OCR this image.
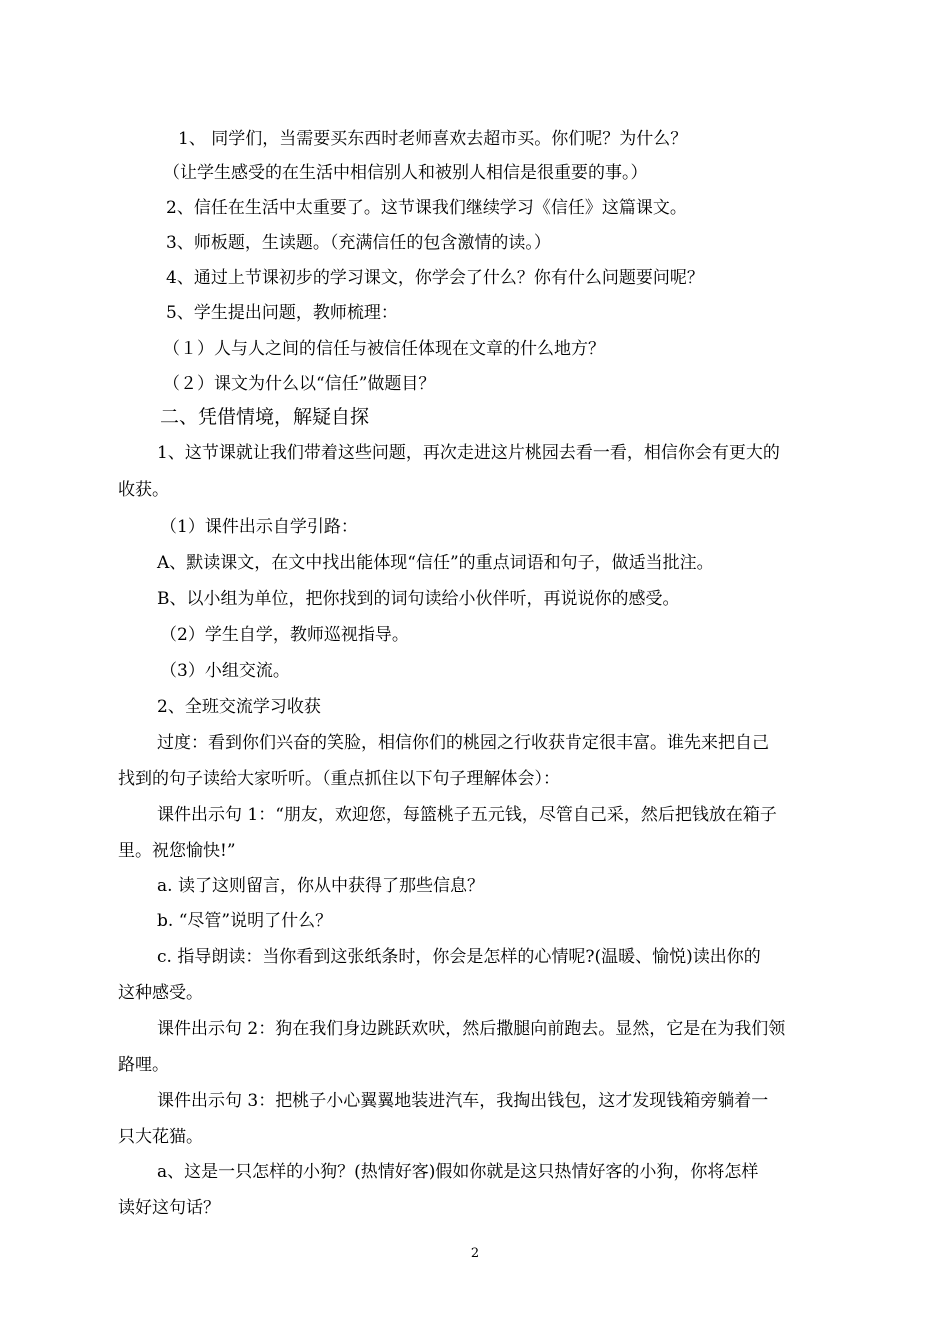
1、 同学们，当需要买东西时老师喜欢去超市买。你们呢？为什么？
（让学生感受的在生活中相信别人和被别人相信是很重要的事。）
2、信任在生活中太重要了。这节课我们继续学习《信任》这篇课文。
3、师板题，生读题。（充满信任的包含激情的读。）
4、通过上节课初步的学习课文，你学会了什么？你有什么问题要问呢？
5、学生提出问题，教师梳理：
（１）人与人之间的信任与被信任体现在文章的什么地方？
（２）课文为什么以“信任”做题目？
二、凭借情境，解疑自探
1、这节课就让我们带着这些问题，再次走进这片桃园去看一看，相信你会有更大的
收获。
（1）课件出示自学引路：
A、默读课文，在文中找出能体现“信任”的重点词语和句子，做适当批注。
B、以小组为单位，把你找到的词句读给小伙伴听，再说说你的感受。
（2）学生自学，教师巡视指导。
（3）小组交流。
2、全班交流学习收获
过度：看到你们兴奋的笑脸，相信你们的桃园之行收获肯定很丰富。谁先来把自己
找到的句子读给大家听听。（重点抓住以下句子理解体会）：
课件出示句 1：“朋友，欢迎您，每篮桃子五元钱，尽管自己采，然后把钱放在箱子
里。祝您愉快!”
a. 读了这则留言，你从中获得了那些信息？
b. “尽管”说明了什么？
c. 指导朗读：当你看到这张纸条时，你会是怎样的心情呢?(温暖、愉悦)读出你的
这种感受。
课件出示句 2：狗在我们身边跳跃欢吠，然后撒腿向前跑去。显然，它是在为我们领
路哩。
课件出示句 3：把桃子小心翼翼地装进汽车，我掏出钱包，这才发现钱箱旁躺着一
只大花猫。
a、这是一只怎样的小狗？(热情好客)假如你就是这只热情好客的小狗，你将怎样
读好这句话？
2
